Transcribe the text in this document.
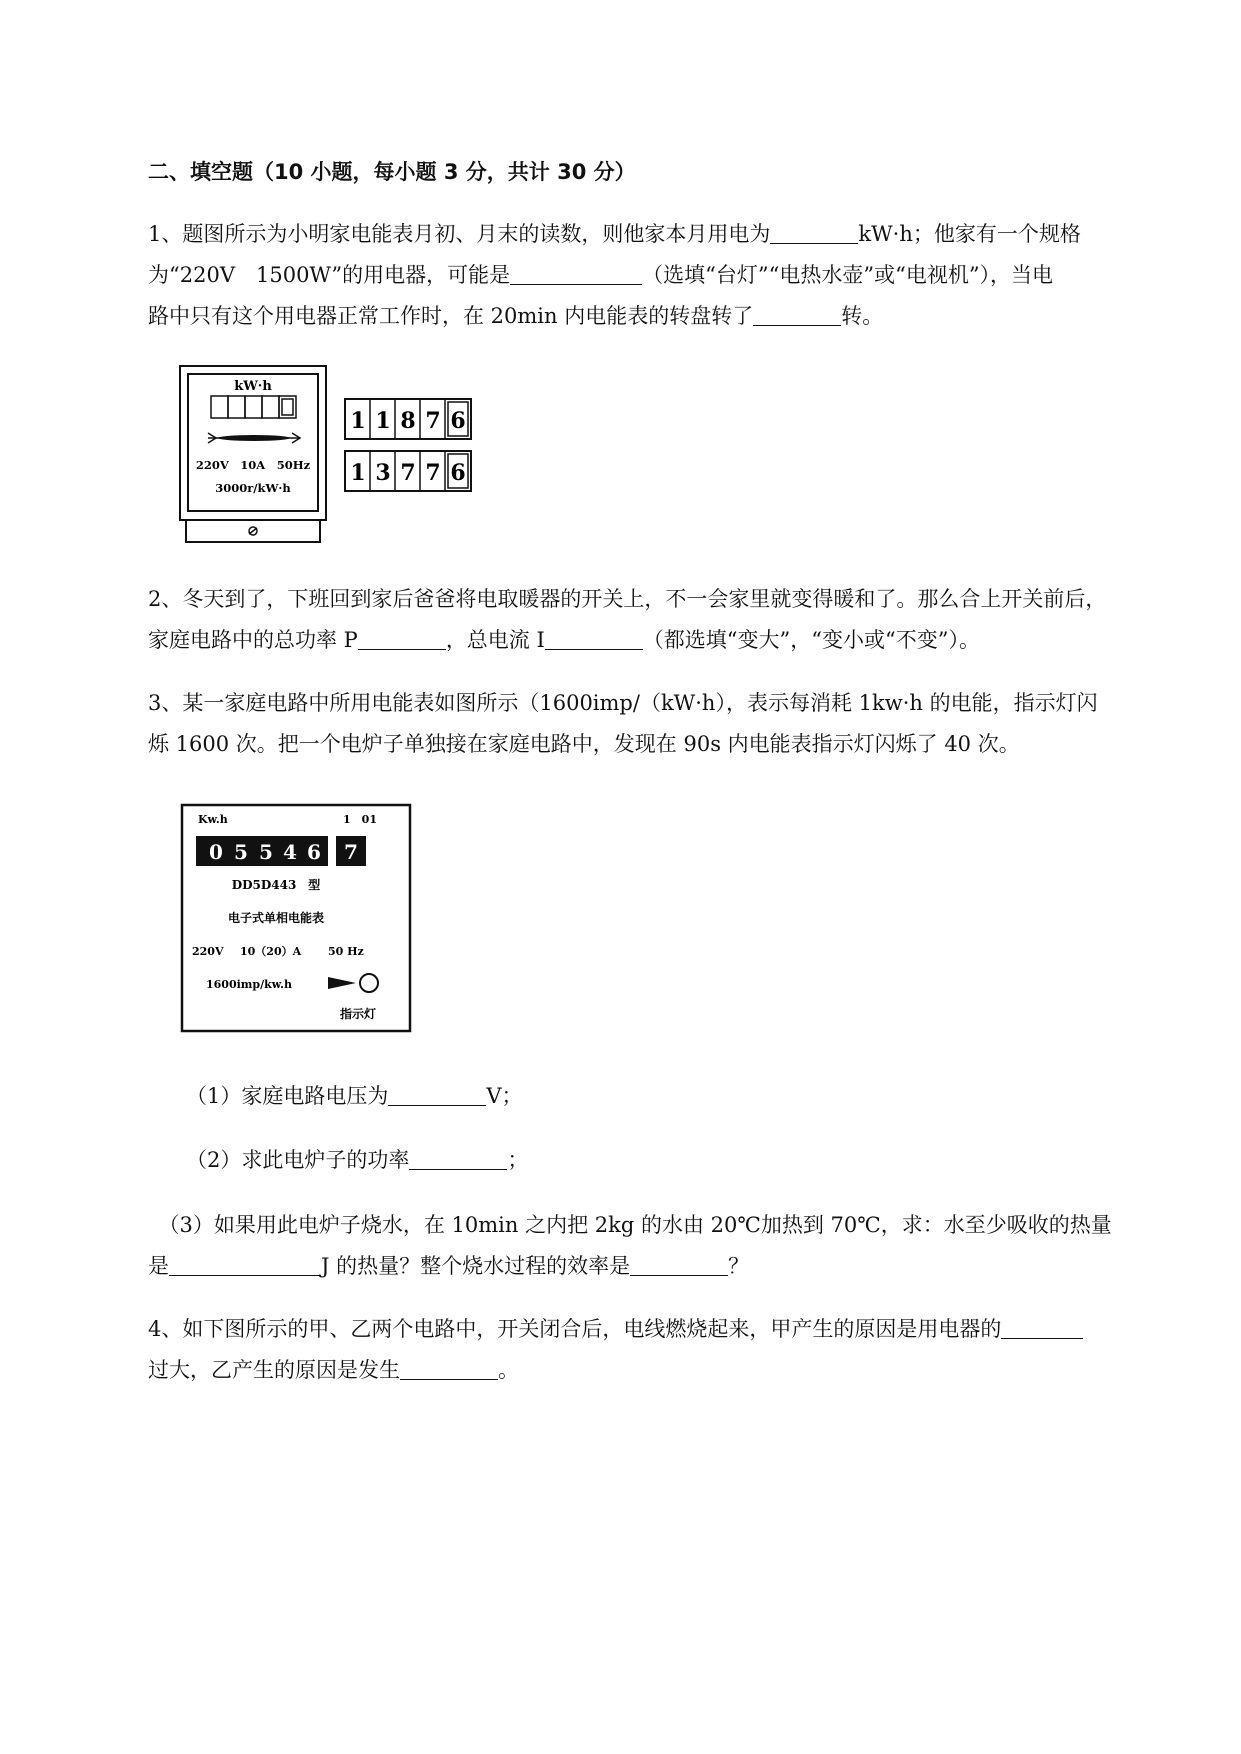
二、填空题（10 小题，每小题 3 分，共计 30 分）
1、题图所示为小明家电能表月初、月末的读数，则他家本月用电为	kW·h；他家有一个规格
为“220V　1500W”的用电器，可能是	（选填“台灯”“电热水壶”或“电视机”），当电
路中只有这个用电器正常工作时，在 20min 内电能表的转盘转了	转。
kW·h
220V　10A　50Hz
3000r/kW·h
1 1 8 7 6
1 3 7 7 6
2、冬天到了，下班回到家后爸爸将电取暖器的开关上，不一会家里就变得暖和了。那么合上开关前后，
家庭电路中的总功率 P	，总电流 I	（都选填“变大”，“变小或“不变”）。
3、某一家庭电路中所用电能表如图所示（1600imp/（kW·h），表示每消耗 1kw·h 的电能，指示灯闪
烁 1600 次。把一个电炉子单独接在家庭电路中，发现在 90s 内电能表指示灯闪烁了 40 次。
Kw.h	1　01
0 5 5 4 6 7
DD5D443　型
电子式单相电能表
220V 10（20）A 50 Hz
1600imp/kw.h
指示灯
（1）家庭电路电压为	V；
（2）求此电炉子的功率	；
　（3）如果用此电炉子烧水，在 10min 之内把 2kg 的水由 20℃加热到 70℃，求：水至少吸收的热量
是	J 的热量？整个烧水过程的效率是	？
4、如下图所示的甲、乙两个电路中，开关闭合后，电线燃烧起来，甲产生的原因是用电器的
过大，乙产生的原因是发生	。
